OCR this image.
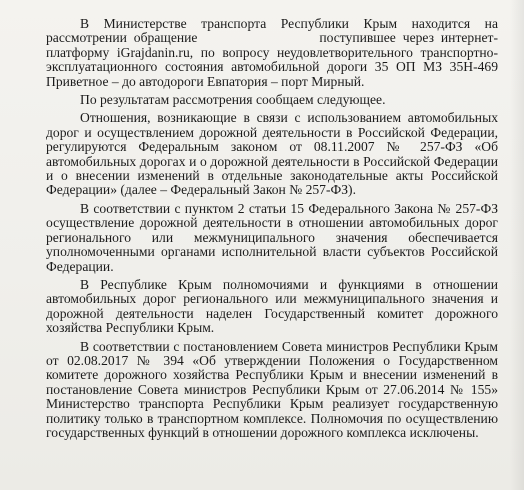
В Министерстве транспорта Республики Крым находится на рассмотрении обращение	поступившее через интернет-платформу iGrajdanin.ru, по вопросу неудовлетворительного транспортно-эксплуатационного состояния автомобильной дороги 35 ОП МЗ 35Н-469 Приветное – до автодороги Евпатория – порт Мирный.

По результатам рассмотрения сообщаем следующее.

Отношения, возникающие в связи с использованием автомобильных дорог и осуществлением дорожной деятельности в Российской Федерации, регулируются Федеральным законом от 08.11.2007 № 257-ФЗ «Об автомобильных дорогах и о дорожной деятельности в Российской Федерации и о внесении изменений в отдельные законодательные акты Российской Федерации» (далее – Федеральный Закон № 257-ФЗ).

В соответствии с пунктом 2 статьи 15 Федерального Закона № 257-ФЗ осуществление дорожной деятельности в отношении автомобильных дорог регионального или межмуниципального значения обеспечивается уполномоченными органами исполнительной власти субъектов Российской Федерации.

В Республике Крым полномочиями и функциями в отношении автомобильных дорог регионального или межмуниципального значения и дорожной деятельности наделен Государственный комитет дорожного хозяйства Республики Крым.

В соответствии с постановлением Совета министров Республики Крым от 02.08.2017 № 394 «Об утверждении Положения о Государственном комитете дорожного хозяйства Республики Крым и внесении изменений в постановление Совета министров Республики Крым от 27.06.2014 № 155» Министерство транспорта Республики Крым реализует государственную политику только в транспортном комплексе. Полномочия по осуществлению государственных функций в отношении дорожного комплекса исключены.
